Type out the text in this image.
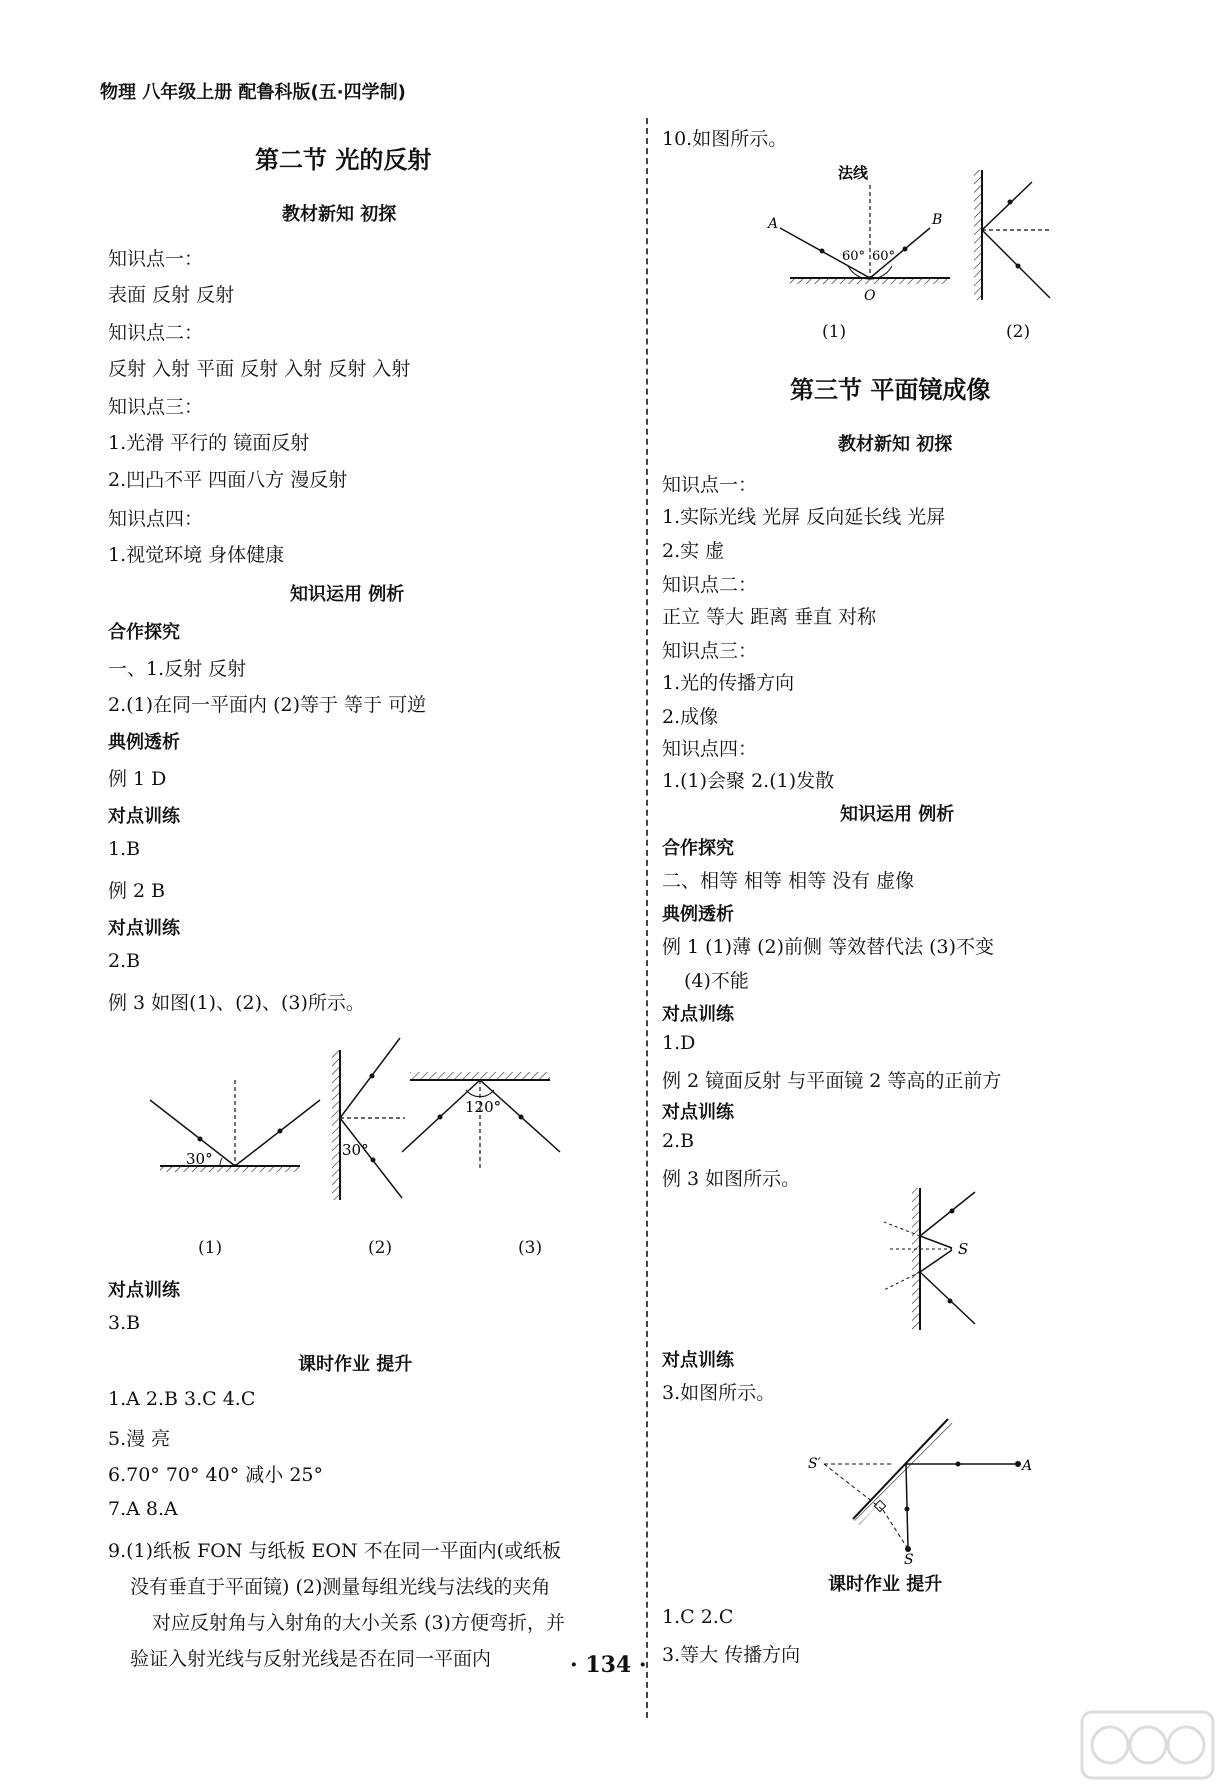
物理 八年级上册 配鲁科版(五·四学制)
第二节 光的反射
教材新知 初探
知识点一：
表面 反射 反射
知识点二：
反射 入射 平面 反射 入射 反射 入射
知识点三：
1.光滑 平行的 镜面反射
2.凹凸不平 四面八方 漫反射
知识点四：
1.视觉环境 身体健康
知识运用 例析
合作探究
一、1.反射 反射
2.(1)在同一平面内 (2)等于 等于 可逆
典例透析
例 1 D
对点训练
1.B
例 2 B
对点训练
2.B
例 3 如图(1)、(2)、(3)所示。
30°	30°
120°
(1)	(2)	(3)
对点训练
3.B
课时作业 提升
1.A 2.B 3.C 4.C
5.漫 亮
6.70° 70° 40° 减小 25°
7.A 8.A
9.(1)纸板 FON 与纸板 EON 不在同一平面内(或纸板
没有垂直于平面镜) (2)测量每组光线与法线的夹角
对应反射角与入射角的大小关系 (3)方便弯折，并
验证入射光线与反射光线是否在同一平面内
10.如图所示。
法线
A	B
O
60° 60°
(1)	(2)
第三节 平面镜成像
教材新知 初探
知识点一：
1.实际光线 光屏 反向延长线 光屏
2.实 虚
知识点二：
正立 等大 距离 垂直 对称
知识点三：
1.光的传播方向
2.成像
知识点四：
1.(1)会聚 2.(1)发散
知识运用 例析
合作探究
二、相等 相等 相等 没有 虚像
典例透析
例 1 (1)薄 (2)前侧 等效替代法 (3)不变
(4)不能
对点训练
1.D
例 2 镜面反射 与平面镜 2 等高的正前方
对点训练
2.B
例 3 如图所示。
S
对点训练
3.如图所示。
S′	A
S
课时作业 提升
1.C 2.C
3.等大 传播方向
· 134 ·
